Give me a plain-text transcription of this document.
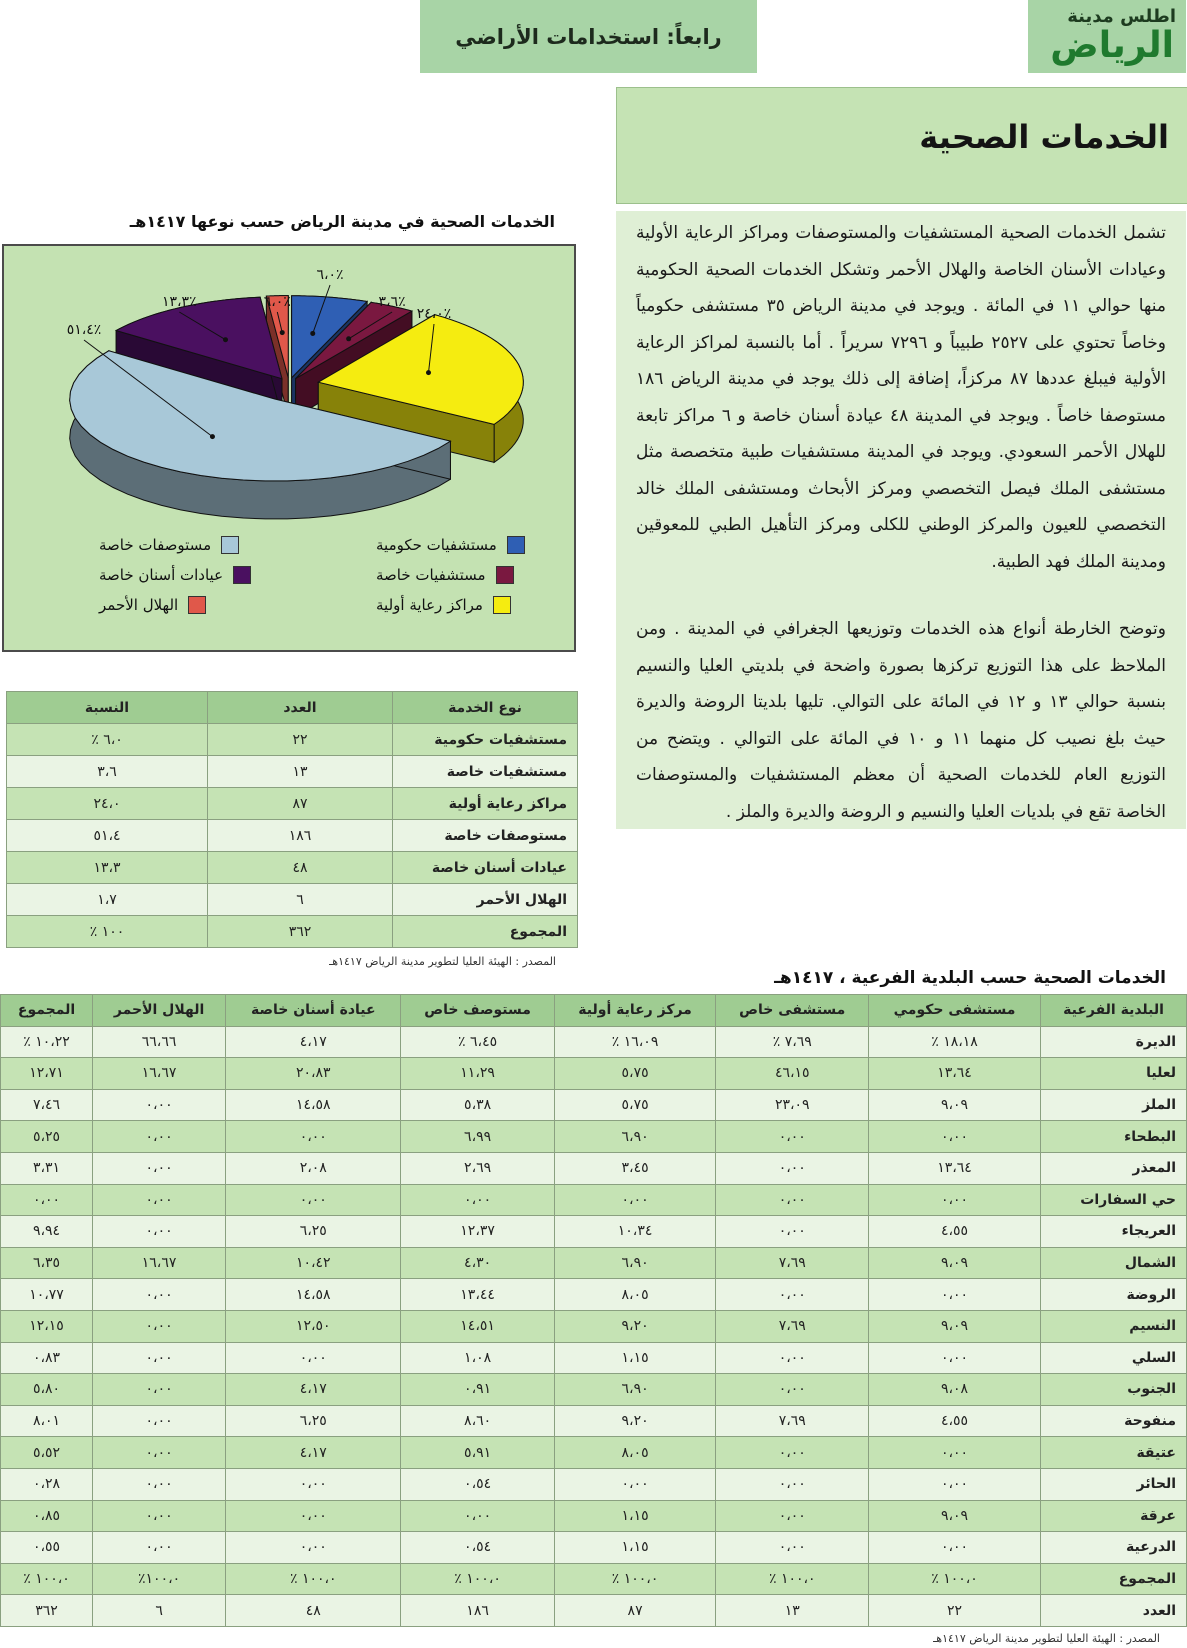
اطلس مدينة
الرياض
رابعاً: استخدامات الأراضي
الخدمات الصحية
تشمل الخدمات الصحية المستشفيات والمستوصفات ومراكز الرعاية الأولية وعيادات الأسنان الخاصة والهلال الأحمر وتشكل الخدمات الصحية الحكومية منها حوالي ١١ في المائة . ويوجد في مدينة الرياض ٣٥ مستشفى حكومياً وخاصاً تحتوي على ٢٥٢٧ طبيباً و ٧٢٩٦ سريراً . أما بالنسبة لمراكز الرعاية الأولية فيبلغ عددها ٨٧ مركزاً، إضافة إلى ذلك يوجد في مدينة الرياض ١٨٦ مستوصفا خاصاً . ويوجد في المدينة ٤٨ عيادة أسنان خاصة و ٦ مراكز تابعة للهلال الأحمر السعودي. ويوجد في المدينة مستشفيات طبية متخصصة مثل مستشفى الملك فيصل التخصصي ومركز الأبحاث ومستشفى الملك خالد التخصصي للعيون والمركز الوطني للكلى ومركز التأهيل الطبي للمعوقين ومدينة الملك فهد الطبية.
وتوضح الخارطة أنواع هذه الخدمات وتوزيعها الجغرافي في المدينة . ومن الملاحظ على هذا التوزيع تركزها بصورة واضحة في بلديتي العليا والنسيم بنسبة حوالي ١٣ و ١٢ في المائة على التوالي. تليها بلديتا الروضة والديرة حيث بلغ نصيب كل منهما ١١ و ١٠ في المائة على التوالي . ويتضح من التوزيع العام للخدمات الصحية أن معظم المستشفيات والمستوصفات الخاصة تقع في بلديات العليا والنسيم و الروضة والديرة والملز .
الخدمات الصحية في مدينة الرياض حسب نوعها ١٤١٧هـ
٦،٠٪
٣،٦٪
٢٤،٠٪
٥١،٤٪
١٣،٣٪	٦،٠٪
مستشفيات حكومية
مستشفيات خاصة
مراكز رعاية أولية
مستوصفات خاصة
عيادات أسنان خاصة
الهلال الأحمر
نوع الخدمة	العدد	النسبة
مستشفيات حكومية	٢٢	٦،٠ ٪
مستشفيات خاصة	١٣	٣،٦
مراكز رعاية أولية	٨٧	٢٤،٠
مستوصفات خاصة	١٨٦	٥١،٤
عيادات أسنان خاصة	٤٨	١٣،٣
الهلال الأحمر	٦	١،٧
المجموع	٣٦٢	١٠٠ ٪
المصدر : الهيئة العليا لتطوير مدينة الرياض ١٤١٧هـ
الخدمات الصحية حسب البلدية الفرعية ، ١٤١٧هـ
البلدية الفرعية	مستشفى حكومي	مستشفى خاص	مركز رعاية أولية	مستوصف خاص	عيادة أسنان خاصة	الهلال الأحمر	المجموع
الديرة	١٨،١٨ ٪	٧،٦٩ ٪	١٦،٠٩ ٪	٦،٤٥ ٪	٤،١٧	٦٦،٦٦	١٠،٢٢ ٪
لعليا	١٣،٦٤	٤٦،١٥	٥،٧٥	١١،٢٩	٢٠،٨٣	١٦،٦٧	١٢،٧١
الملز	٩،٠٩	٢٣،٠٩	٥،٧٥	٥،٣٨	١٤،٥٨	٠،٠٠	٧،٤٦
البطحاء	٠،٠٠	٠،٠٠	٦،٩٠	٦،٩٩	٠،٠٠	٠،٠٠	٥،٢٥
المعذر	١٣،٦٤	٠،٠٠	٣،٤٥	٢،٦٩	٢،٠٨	٠،٠٠	٣،٣١
حي السفارات	٠،٠٠	٠،٠٠	٠،٠٠	٠،٠٠	٠،٠٠	٠،٠٠	٠،٠٠
العريجاء	٤،٥٥	٠،٠٠	١٠،٣٤	١٢،٣٧	٦،٢٥	٠،٠٠	٩،٩٤
الشمال	٩،٠٩	٧،٦٩	٦،٩٠	٤،٣٠	١٠،٤٢	١٦،٦٧	٦،٣٥
الروضة	٠،٠٠	٠،٠٠	٨،٠٥	١٣،٤٤	١٤،٥٨	٠،٠٠	١٠،٧٧
النسيم	٩،٠٩	٧،٦٩	٩،٢٠	١٤،٥١	١٢،٥٠	٠،٠٠	١٢،١٥
السلي	٠،٠٠	٠،٠٠	١،١٥	١،٠٨	٠،٠٠	٠،٠٠	٠،٨٣
الجنوب	٩،٠٨	٠،٠٠	٦،٩٠	٠،٩١	٤،١٧	٠،٠٠	٥،٨٠
منفوحة	٤،٥٥	٧،٦٩	٩،٢٠	٨،٦٠	٦،٢٥	٠،٠٠	٨،٠١
عتيقة	٠،٠٠	٠،٠٠	٨،٠٥	٥،٩١	٤،١٧	٠،٠٠	٥،٥٢
الحائر	٠،٠٠	٠،٠٠	٠،٠٠	٠،٥٤	٠،٠٠	٠،٠٠	٠،٢٨
عرقة	٩،٠٩	٠،٠٠	١،١٥	٠،٠٠	٠،٠٠	٠،٠٠	٠،٨٥
الدرعية	٠،٠٠	٠،٠٠	١،١٥	٠،٥٤	٠،٠٠	٠،٠٠	٠،٥٥
المجموع	١٠٠،٠ ٪	١٠٠،٠ ٪	١٠٠،٠ ٪	١٠٠،٠ ٪	١٠٠،٠ ٪	١٠٠،٠٪	١٠٠،٠ ٪
العدد	٢٢	١٣	٨٧	١٨٦	٤٨	٦	٣٦٢
المصدر : الهيئة العليا لتطوير مدينة الرياض ١٤١٧هـ
